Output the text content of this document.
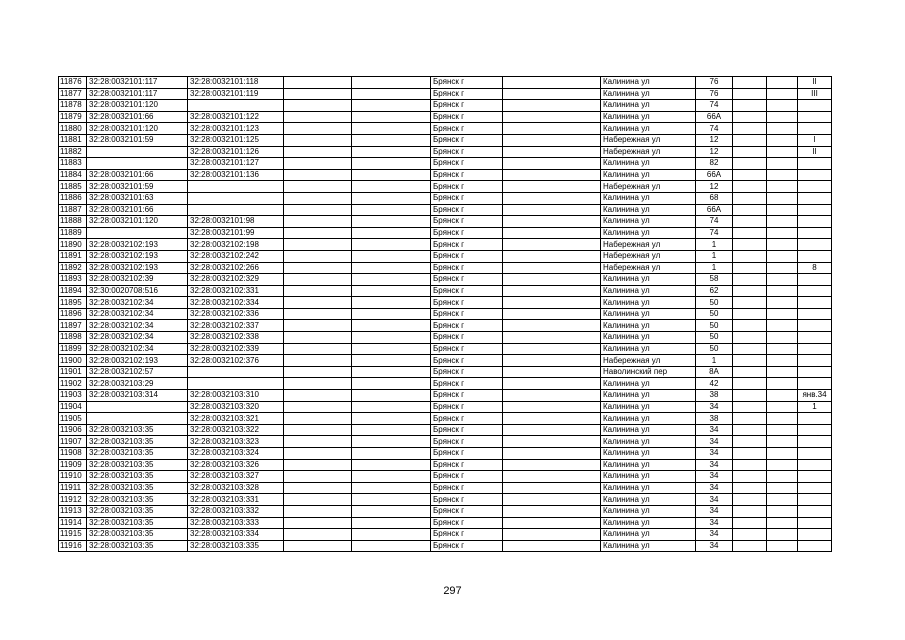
11876	32:28:0032101:117	32:28:0032101:118			Брянск г		Калинина ул	76			II
11877	32:28:0032101:117	32:28:0032101:119			Брянск г		Калинина ул	76			III
11878	32:28:0032101:120				Брянск г		Калинина ул	74			
11879	32:28:0032101:66	32:28:0032101:122			Брянск г		Калинина ул	66А			
11880	32:28:0032101:120	32:28:0032101:123			Брянск г		Калинина ул	74			
11881	32:28:0032101:59	32:28:0032101:125			Брянск г		Набережная ул	12			I
11882		32:28:0032101:126			Брянск г		Набережная ул	12			II
11883		32:28:0032101:127			Брянск г		Калинина ул	82			
11884	32:28:0032101:66	32:28:0032101:136			Брянск г		Калинина ул	66А			
11885	32:28:0032101:59				Брянск г		Набережная ул	12			
11886	32:28:0032101:63				Брянск г		Калинина ул	68			
11887	32:28:0032101:66				Брянск г		Калинина ул	66А			
11888	32:28:0032101:120	32:28:0032101:98			Брянск г		Калинина ул	74			
11889		32:28:0032101:99			Брянск г		Калинина ул	74			
11890	32:28:0032102:193	32:28:0032102:198			Брянск г		Набережная ул	1			
11891	32:28:0032102:193	32:28:0032102:242			Брянск г		Набережная ул	1			
11892	32:28:0032102:193	32:28:0032102:266			Брянск г		Набережная ул	1			8
11893	32:28:0032102:39	32:28:0032102:329			Брянск г		Калинина ул	58			
11894	32:30:0020708:516	32:28:0032102:331			Брянск г		Калинина ул	62			
11895	32:28:0032102:34	32:28:0032102:334			Брянск г		Калинина ул	50			
11896	32:28:0032102:34	32:28:0032102:336			Брянск г		Калинина ул	50			
11897	32:28:0032102:34	32:28:0032102:337			Брянск г		Калинина ул	50			
11898	32:28:0032102:34	32:28:0032102:338			Брянск г		Калинина ул	50			
11899	32:28:0032102:34	32:28:0032102:339			Брянск г		Калинина ул	50			
11900	32:28:0032102:193	32:28:0032102:376			Брянск г		Набережная ул	1			
11901	32:28:0032102:57				Брянск г		Наволинский пер	8А			
11902	32:28:0032103:29				Брянск г		Калинина ул	42			
11903	32:28:0032103:314	32:28:0032103:310			Брянск г		Калинина ул	38			янв.34
11904		32:28:0032103:320			Брянск г		Калинина ул	34			1
11905		32:28:0032103:321			Брянск г		Калинина ул	38			
11906	32:28:0032103:35	32:28:0032103:322			Брянск г		Калинина ул	34			
11907	32:28:0032103:35	32:28:0032103:323			Брянск г		Калинина ул	34			
11908	32:28:0032103:35	32:28:0032103:324			Брянск г		Калинина ул	34			
11909	32:28:0032103:35	32:28:0032103:326			Брянск г		Калинина ул	34			
11910	32:28:0032103:35	32:28:0032103:327			Брянск г		Калинина ул	34			
11911	32:28:0032103:35	32:28:0032103:328			Брянск г		Калинина ул	34			
11912	32:28:0032103:35	32:28:0032103:331			Брянск г		Калинина ул	34			
11913	32:28:0032103:35	32:28:0032103:332			Брянск г		Калинина ул	34			
11914	32:28:0032103:35	32:28:0032103:333			Брянск г		Калинина ул	34			
11915	32:28:0032103:35	32:28:0032103:334			Брянск г		Калинина ул	34			
11916	32:28:0032103:35	32:28:0032103:335			Брянск г		Калинина ул	34			
297
